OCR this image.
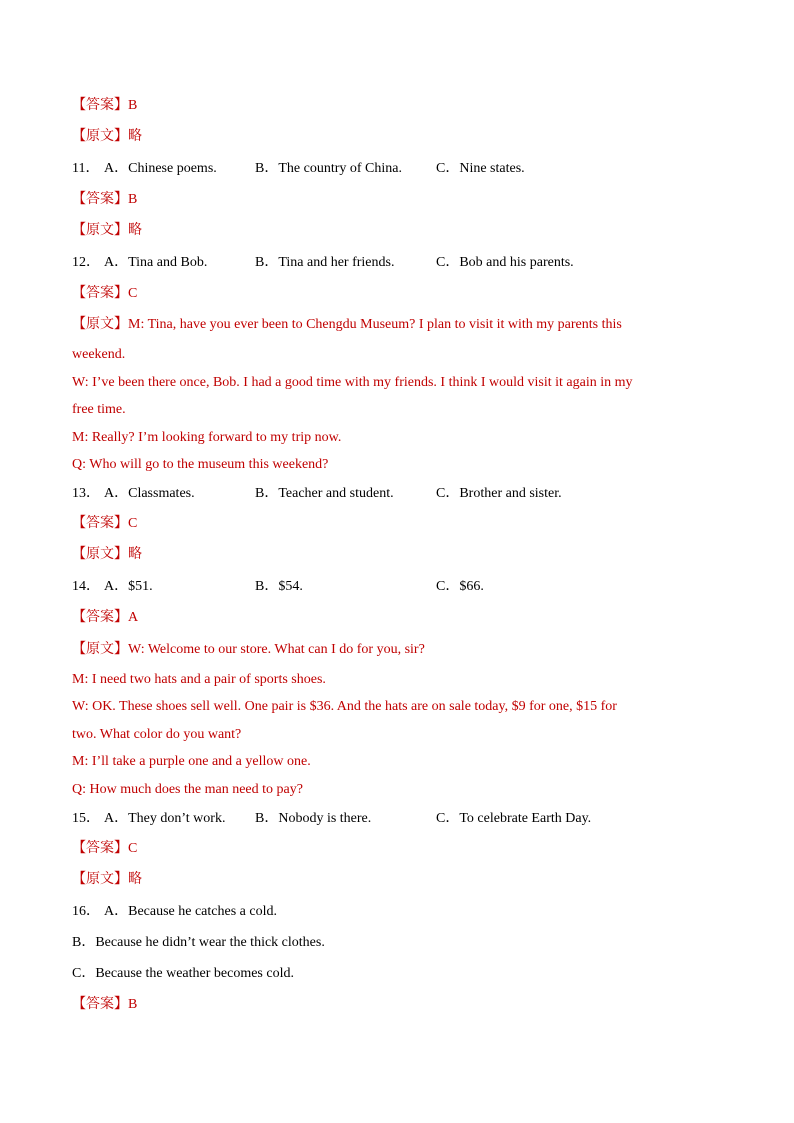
【答案】B
【原文】略
11． A．Chinese poems.	B．The country of China. C．Nine states.
【答案】B
【原文】略
12． A．Tina and Bob.	B．Tina and her friends.	C．Bob and his parents.
【答案】C
【原文】M: Tina, have you ever been to Chengdu Museum? I plan to visit it with my parents this
weekend.
W: I’ve been there once, Bob. I had a good time with my friends. I think I would visit it again in my
free time.
M: Really? I’m looking forward to my trip now.
Q: Who will go to the museum this weekend?
13． A．Classmates.	B．Teacher and student.	C．Brother and sister.
【答案】C
【原文】略
14． A．$51.	B．$54.	C．$66.
【答案】A
【原文】W: Welcome to our store. What can I do for you, sir?
M: I need two hats and a pair of sports shoes.
W: OK. These shoes sell well. One pair is $36. And the hats are on sale today, $9 for one, $15 for
two. What color do you want?
M: I’ll take a purple one and a yellow one.
Q: How much does the man need to pay?
15． A．They don’t work. B．Nobody is there.	C．To celebrate Earth Day.
【答案】C
【原文】略
16． A．Because he catches a cold.
B．Because he didn’t wear the thick clothes.
C．Because the weather becomes cold.
【答案】B
